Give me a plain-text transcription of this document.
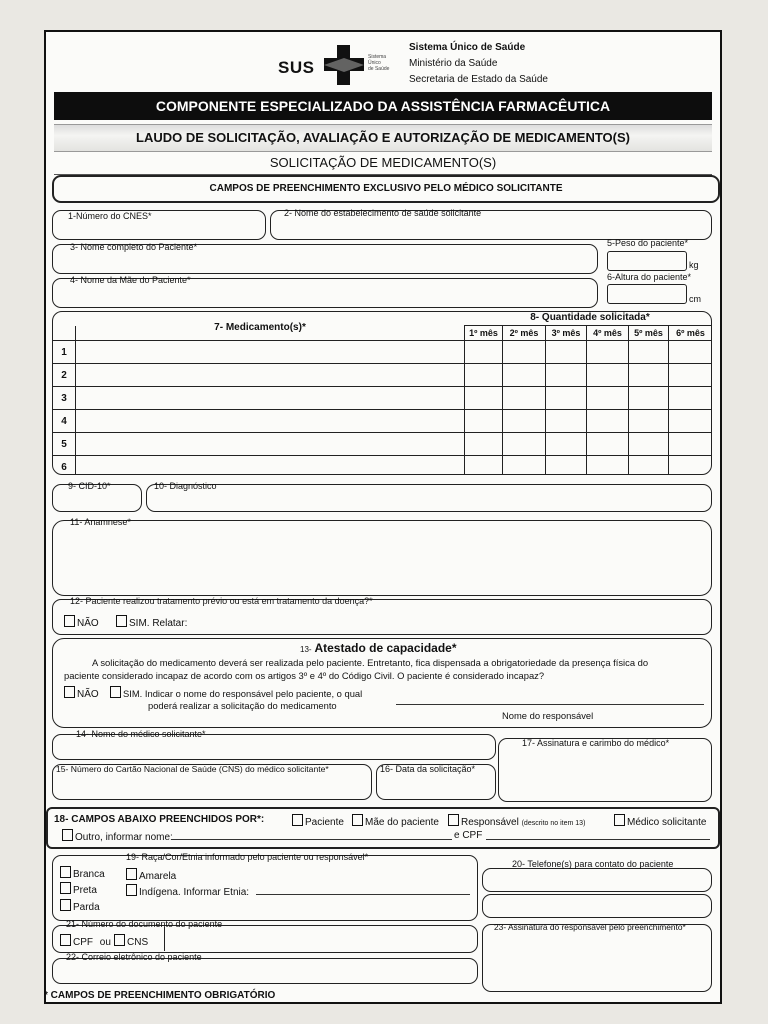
SUS
Sistema
Único
de Saúde
Sistema Único de Saúde
Ministério da Saúde
Secretaria de Estado da Saúde
COMPONENTE ESPECIALIZADO DA ASSISTÊNCIA FARMACÊUTICA
LAUDO DE SOLICITAÇÃO, AVALIAÇÃO E AUTORIZAÇÃO DE MEDICAMENTO(S)
SOLICITAÇÃO DE MEDICAMENTO(S)
CAMPOS DE PREENCHIMENTO EXCLUSIVO PELO MÉDICO SOLICITANTE
1-Número do CNES*	2- Nome do estabelecimento de saúde solicitante
3- Nome completo do Paciente*	5-Peso do paciente*
kg
4- Nome da Mãe do Paciente*	6-Altura do paciente*
cm
7- Medicamento(s)*
8- Quantidade solicitada*
		1º mês	2º mês	3º mês	4º mês	5º mês	6º mês
1							
2							
3							
4							
5							
6							
9- CID-10*	10- Diagnóstico
11- Anamnese*
12- Paciente realizou tratamento prévio ou está em tratamento da doença?*
NÃO	SIM. Relatar:
13- Atestado de capacidade*
A solicitação do medicamento deverá ser realizada pelo paciente. Entretanto, fica dispensada a obrigatoriedade da presença física do
paciente considerado incapaz de acordo com os artigos 3º e 4º do Código Civil. O paciente é considerado incapaz?
NÃO	SIM. Indicar o nome do responsável pelo paciente, o qual
poderá realizar a solicitação do medicamento
Nome do responsável
14- Nome do médico solicitante*
17- Assinatura e carimbo do médico*
15- Número do Cartão Nacional de Saúde (CNS) do médico solicitante*	16- Data da solicitação*
18- CAMPOS ABAIXO PREENCHIDOS POR*:	Paciente	Mãe do paciente	Responsável (descrito no item 13)	Médico solicitante
Outro, informar nome:	e CPF
19- Raça/Cor/Etnia informado pelo paciente ou responsável*
Branca
Preta
Parda
Amarela
Indígena. Informar Etnia:
20- Telefone(s) para contato do paciente
21- Número do documento do paciente
CPF ou	CNS
23- Assinatura do responsável pelo preenchimento*
22- Correio eletrônico do paciente
* CAMPOS DE PREENCHIMENTO OBRIGATÓRIO
